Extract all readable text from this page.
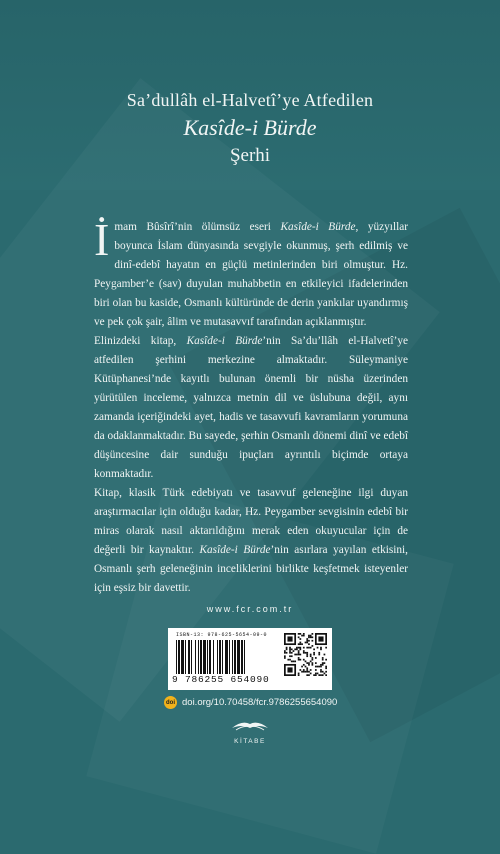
Sa’dullâh el-Halvetî’ye Atfedilen
Kasîde-i Bürde
Şerhi

İmam Bûsîrî’nin ölümsüz eseri Kasîde-i Bürde, yüzyıllar boyunca İslam dünyasında sevgiyle okunmuş, şerh edilmiş ve dinî-edebî hayatın en güçlü metinlerinden biri olmuştur. Hz. Peygamber’e (sav) duyulan muhabbetin en etkileyici ifadelerinden biri olan bu kaside, Osmanlı kültüründe de derin yankılar uyandırmış ve pek çok şair, âlim ve mutasavvıf tarafından açıklanmıştır.

Elinizdeki kitap, Kasîde-i Bürde’nin Sa’du’llâh el-Halvetî’ye atfedilen şerhini merkezine almaktadır. Süleymaniye Kütüphanesi’nde kayıtlı bulunan önemli bir nüsha üzerinden yürütülen inceleme, yalnızca metnin dil ve üslubuna değil, aynı zamanda içeriğindeki ayet, hadis ve tasavvufi kavramların yorumuna da odaklanmaktadır. Bu sayede, şerhin Osmanlı dönemi dinî ve edebî düşüncesine dair sunduğu ipuçları ayrıntılı biçimde ortaya konmaktadır.

Kitap, klasik Türk edebiyatı ve tasavvuf geleneğine ilgi duyan araştırmacılar için olduğu kadar, Hz. Peygamber sevgisinin edebî bir miras olarak nasıl aktarıldığını merak eden okuyucular için de değerli bir kaynaktır. Kasîde-i Bürde’nin asırlara yayılan etkisini, Osmanlı şerh geleneğinin inceliklerini birlikte keşfetmek isteyenler için eşsiz bir davettir.

www.fcr.com.tr
ISBN-13: 978-625-5654-09-0
9 786255 654090
doi doi.org/10.70458/fcr.9786255654090
KİTABE
